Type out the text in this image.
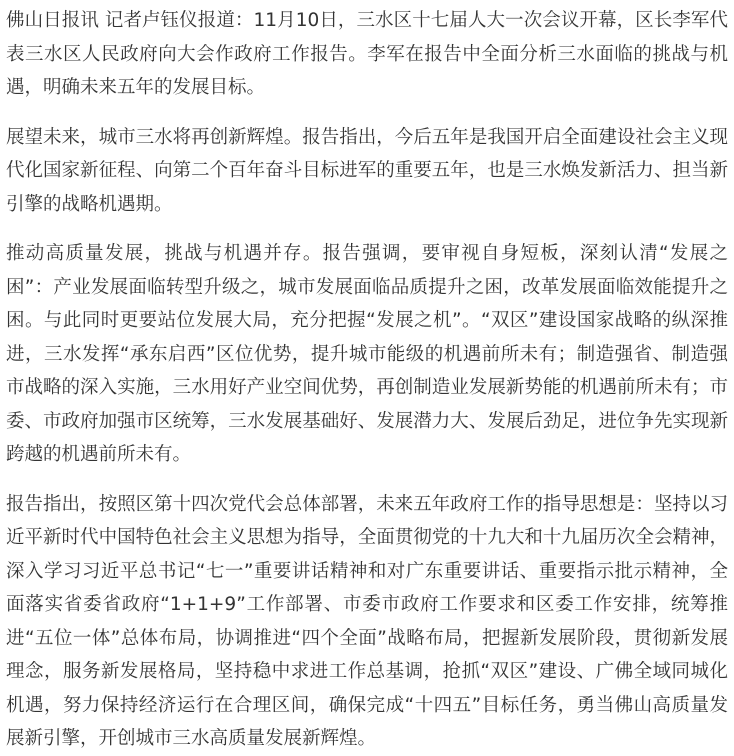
佛山日报讯 记者卢钰仪报道：11月10日，三水区十七届人大一次会议开幕，区长李军代表三水区人民政府向大会作政府工作报告。李军在报告中全面分析三水面临的挑战与机遇，明确未来五年的发展目标。

展望未来，城市三水将再创新辉煌。报告指出，今后五年是我国开启全面建设社会主义现代化国家新征程、向第二个百年奋斗目标进军的重要五年，也是三水焕发新活力、担当新引擎的战略机遇期。

推动高质量发展，挑战与机遇并存。报告强调，要审视自身短板，深刻认清“发展之困”：产业发展面临转型升级之，城市发展面临品质提升之困，改革发展面临效能提升之困。与此同时更要站位发展大局，充分把握“发展之机”。“双区”建设国家战略的纵深推进，三水发挥“承东启西”区位优势，提升城市能级的机遇前所未有；制造强省、制造强市战略的深入实施，三水用好产业空间优势，再创制造业发展新势能的机遇前所未有；市委、市政府加强市区统筹，三水发展基础好、发展潜力大、发展后劲足，进位争先实现新跨越的机遇前所未有。

报告指出，按照区第十四次党代会总体部署，未来五年政府工作的指导思想是：坚持以习近平新时代中国特色社会主义思想为指导，全面贯彻党的十九大和十九届历次全会精神，深入学习习近平总书记“七一”重要讲话精神和对广东重要讲话、重要指示批示精神，全面落实省委省政府“1+1+9”工作部署、市委市政府工作要求和区委工作安排，统筹推进“五位一体”总体布局，协调推进“四个全面”战略布局，把握新发展阶段，贯彻新发展理念，服务新发展格局，坚持稳中求进工作总基调，抢抓“双区”建设、广佛全域同城化机遇，努力保持经济运行在合理区间，确保完成“十四五”目标任务，勇当佛山高质量发展新引擎，开创城市三水高质量发展新辉煌。
